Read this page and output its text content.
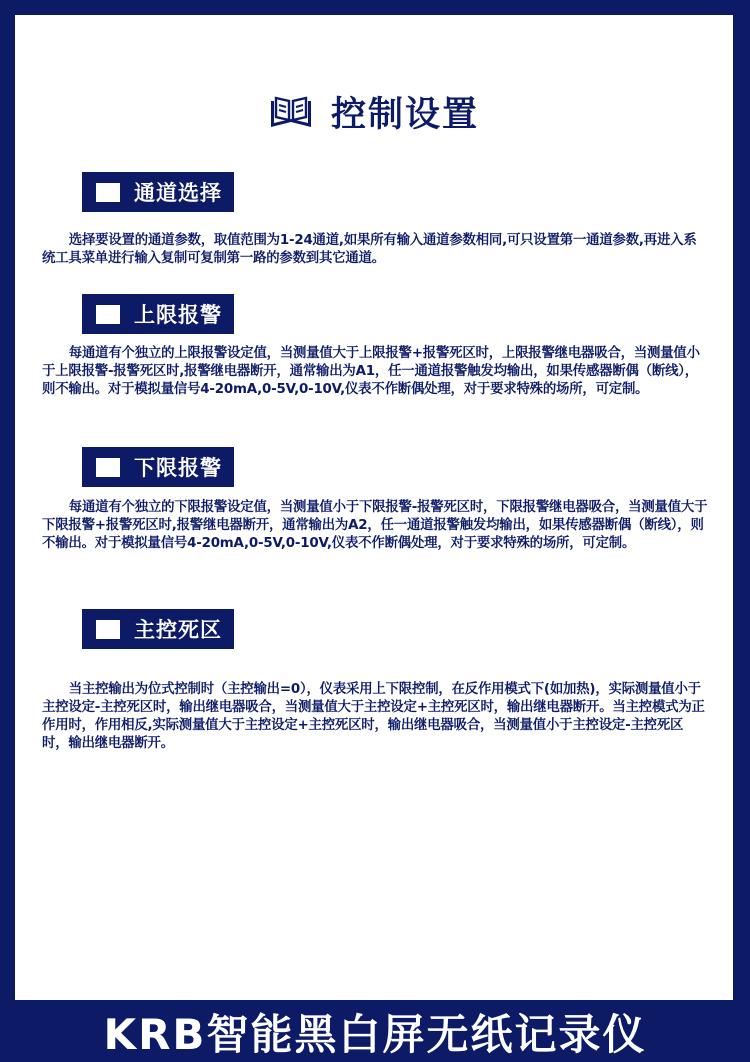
控制设置
通道选择

选择要设置的通道参数，取值范围为1-24通道,如果所有输入通道参数相同,可只设置第一通道参数,再进入系统工具菜单进行输入复制可复制第一路的参数到其它通道。

上限报警

每通道有个独立的上限报警设定值，当测量值大于上限报警+报警死区时，上限报警继电器吸合，当测量值小于上限报警-报警死区时,报警继电器断开，通常输出为A1，任一通道报警触发均输出，如果传感器断偶（断线），则不输出。对于模拟量信号4-20mA,0-5V,0-10V,仪表不作断偶处理，对于要求特殊的场所，可定制。

下限报警

每通道有个独立的下限报警设定值，当测量值小于下限报警-报警死区时，下限报警继电器吸合，当测量值大于下限报警+报警死区时,报警继电器断开，通常输出为A2，任一通道报警触发均输出，如果传感器断偶（断线），则不输出。对于模拟量信号4-20mA,0-5V,0-10V,仪表不作断偶处理，对于要求特殊的场所，可定制。

主控死区

当主控输出为位式控制时（主控输出=0），仪表采用上下限控制，在反作用模式下(如加热)，实际测量值小于主控设定-主控死区时，输出继电器吸合，当测量值大于主控设定+主控死区时，输出继电器断开。当主控模式为正作用时，作用相反,实际测量值大于主控设定+主控死区时，输出继电器吸合，当测量值小于主控设定-主控死区时，输出继电器断开。

KRB智能黑白屏无纸记录仪
